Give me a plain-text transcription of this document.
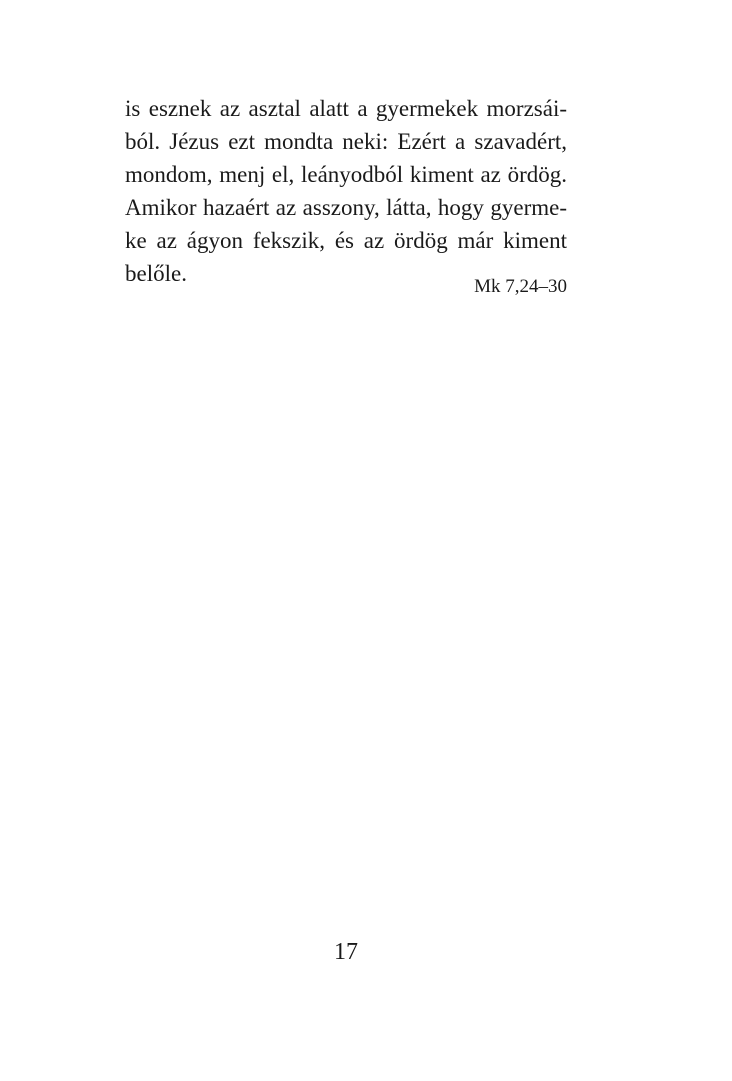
is esznek az asztal alatt a gyermekek morzsái-
ból. Jézus ezt mondta neki: Ezért a szavadért,
mondom, menj el, leányodból kiment az ördög.
Amikor hazaért az asszony, látta, hogy gyerme-
ke az ágyon fekszik, és az ördög már kiment
belőle.
Mk 7,24–30
17
